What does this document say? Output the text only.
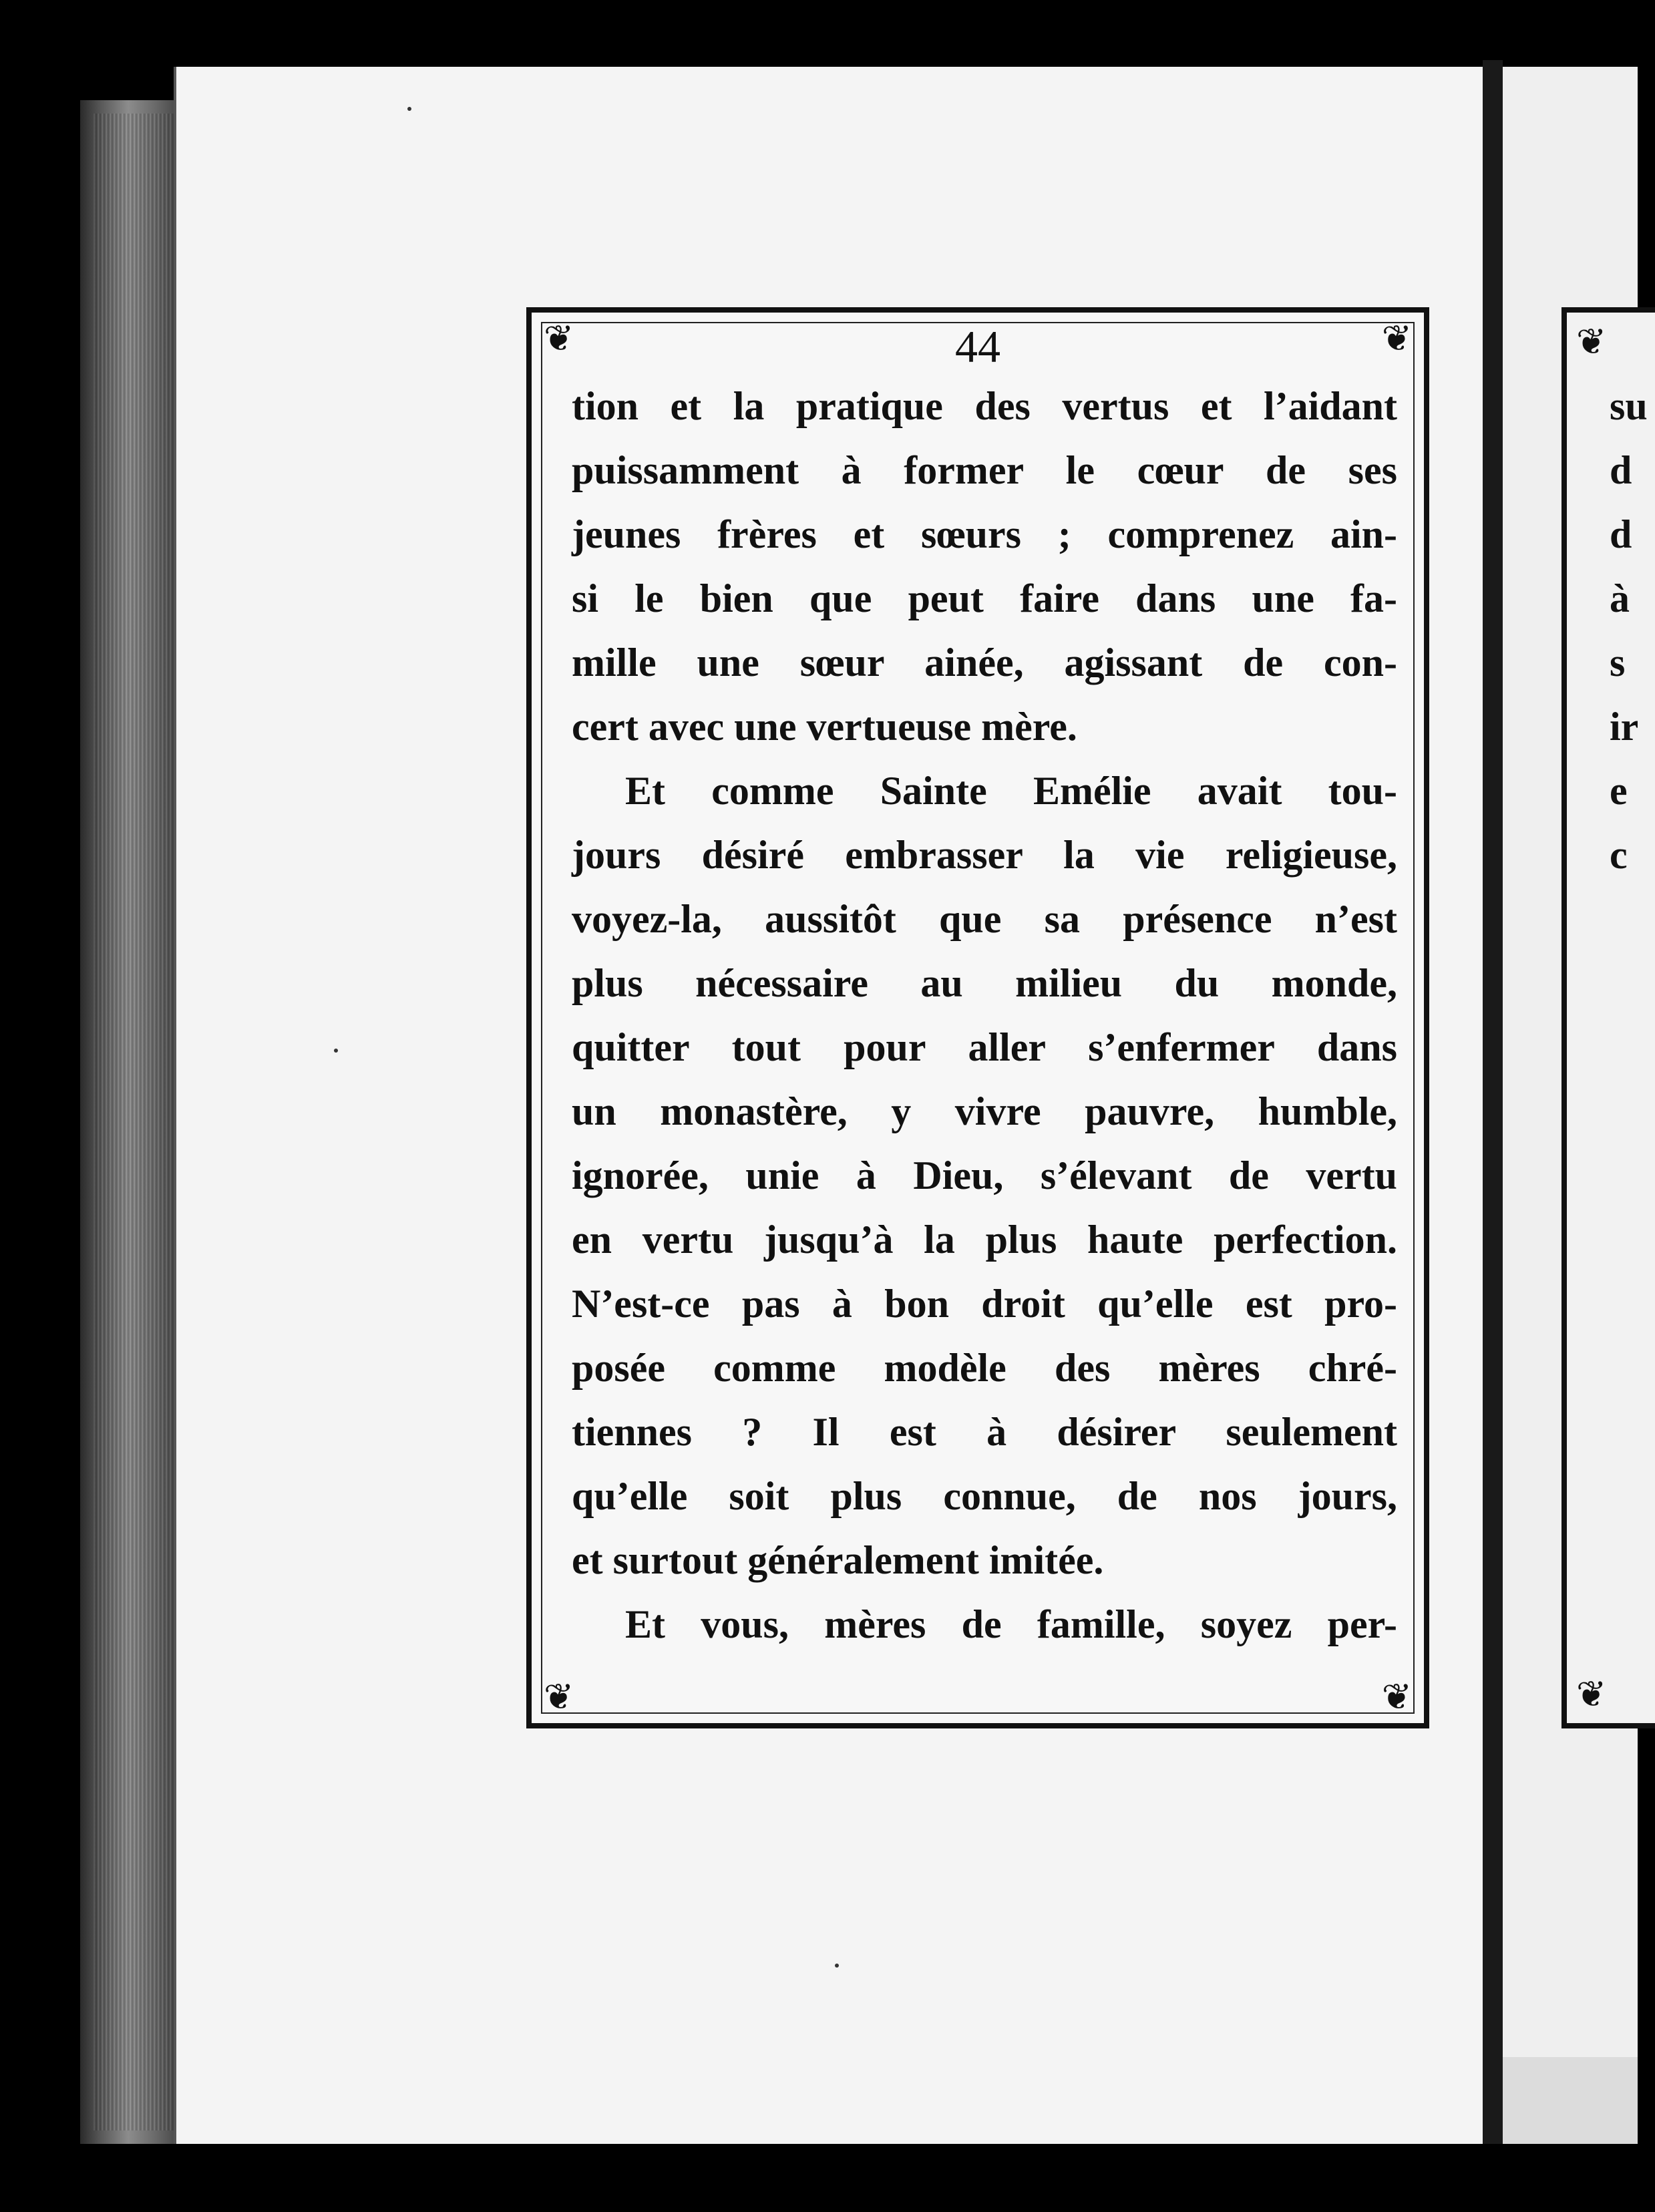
❦	❦
❦	❦
44
tion et la pratique des vertus et l’aidant
puissamment à former le cœur de ses
jeunes frères et sœurs ; comprenez ain-
si le bien que peut faire dans une fa-
mille une sœur ainée, agissant de con-
cert avec une vertueuse mère.
Et comme Sainte Emélie avait tou-
jours désiré embrasser la vie religieuse,
voyez-la, aussitôt que sa présence n’est
plus nécessaire au milieu du monde,
quitter tout pour aller s’enfermer dans
un monastère, y vivre pauvre, humble,
ignorée, unie à Dieu, s’élevant de vertu
en vertu jusqu’à la plus haute perfection.
N’est-ce pas à bon droit qu’elle est pro-
posée comme modèle des mères chré-
tiennes ? Il est à désirer seulement
qu’elle soit plus connue, de nos jours,
et surtout généralement imitée.
Et vous, mères de famille, soyez per-
❦
❦
su
d
d
à
s
ir
e
c
